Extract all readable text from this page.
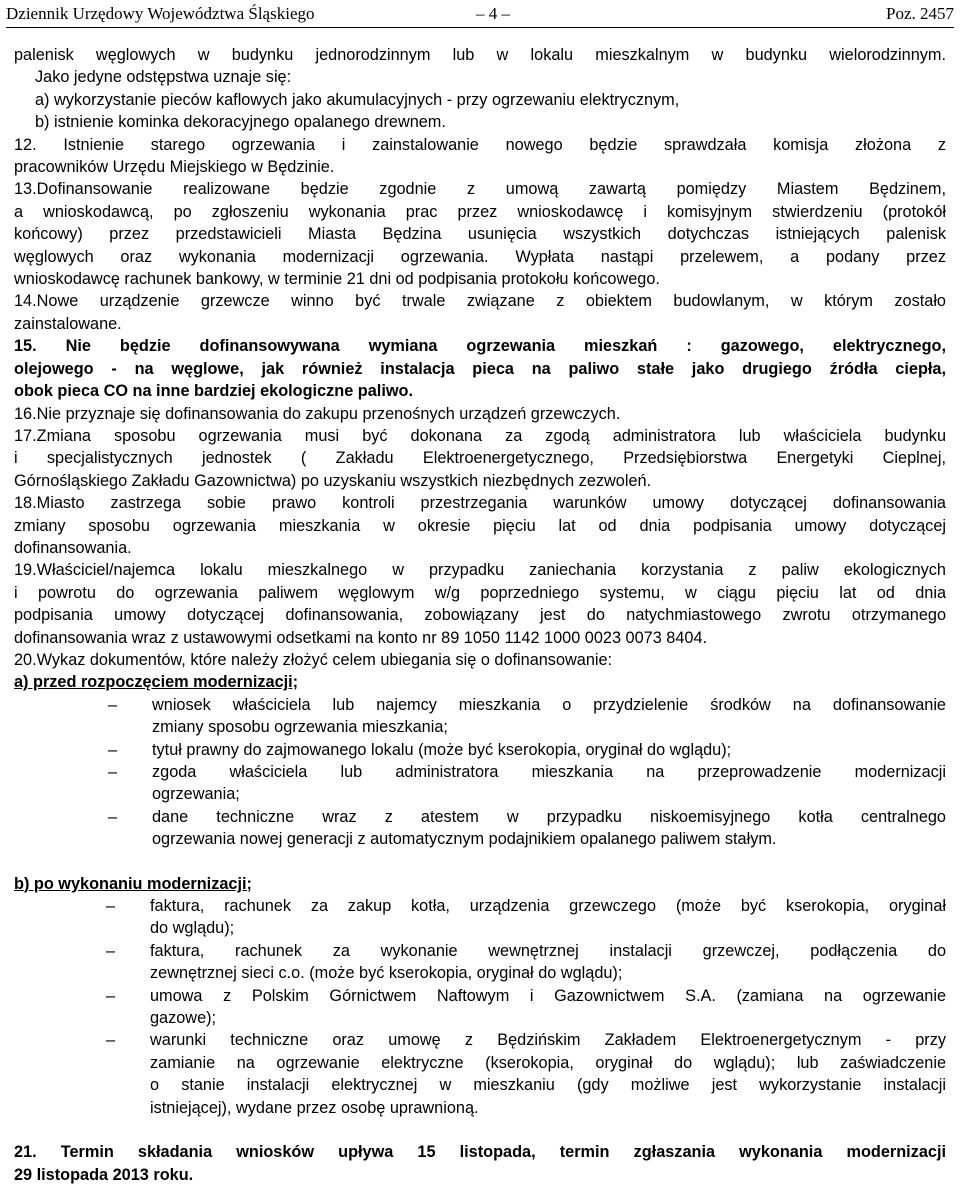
Dziennik Urzędowy Województwa Śląskiego	– 4 –	Poz. 2457

palenisk węglowych w budynku jednorodzinnym lub w lokalu mieszkalnym w budynku wielorodzinnym.

Jako jedyne odstępstwa uznaje się:

a) wykorzystanie pieców kaflowych jako akumulacyjnych - przy ogrzewaniu elektrycznym,

b) istnienie kominka dekoracyjnego opalanego drewnem.

12. Istnienie starego ogrzewania i zainstalowanie nowego będzie sprawdzała komisja złożona z

pracowników Urzędu Miejskiego w Będzinie.

13.Dofinansowanie realizowane będzie zgodnie z umową zawartą pomiędzy Miastem Będzinem,

a wnioskodawcą, po zgłoszeniu wykonania prac przez wnioskodawcę i komisyjnym stwierdzeniu (protokół

końcowy) przez przedstawicieli Miasta Będzina usunięcia wszystkich dotychczas istniejących palenisk

węglowych oraz wykonania modernizacji ogrzewania. Wypłata nastąpi przelewem, a podany przez

wnioskodawcę rachunek bankowy, w terminie 21 dni od podpisania protokołu końcowego.

14.Nowe urządzenie grzewcze winno być trwale związane z obiektem budowlanym, w którym zostało

zainstalowane.

15. Nie będzie dofinansowywana wymiana ogrzewania mieszkań : gazowego, elektrycznego,

olejowego - na węglowe, jak również instalacja pieca na paliwo stałe jako drugiego źródła ciepła,

obok pieca CO na inne bardziej ekologiczne paliwo.

16.Nie przyznaje się dofinansowania do zakupu przenośnych urządzeń grzewczych.

17.Zmiana sposobu ogrzewania musi być dokonana za zgodą administratora lub właściciela budynku

i specjalistycznych jednostek ( Zakładu Elektroenergetycznego, Przedsiębiorstwa Energetyki Cieplnej,

Górnośląskiego Zakładu Gazownictwa) po uzyskaniu wszystkich niezbędnych zezwoleń.

18.Miasto zastrzega sobie prawo kontroli przestrzegania warunków umowy dotyczącej dofinansowania

zmiany sposobu ogrzewania mieszkania w okresie pięciu lat od dnia podpisania umowy dotyczącej

dofinansowania.

19.Właściciel/najemca lokalu mieszkalnego w przypadku zaniechania korzystania z paliw ekologicznych

i powrotu do ogrzewania paliwem węglowym w/g poprzedniego systemu, w ciągu pięciu lat od dnia

podpisania umowy dotyczącej dofinansowania, zobowiązany jest do natychmiastowego zwrotu otrzymanego

dofinansowania wraz z ustawowymi odsetkami na konto nr 89 1050 1142 1000 0023 0073 8404.

20.Wykaz dokumentów, które należy złożyć celem ubiegania się o dofinansowanie:

a) przed rozpoczęciem modernizacji;

– wniosek właściciela lub najemcy mieszkania o przydzielenie środków na dofinansowanie

zmiany sposobu ogrzewania mieszkania;

– tytuł prawny do zajmowanego lokalu (może być kserokopia, oryginał do wglądu);

– zgoda właściciela lub administratora mieszkania na przeprowadzenie modernizacji

ogrzewania;

– dane techniczne wraz z atestem w przypadku niskoemisyjnego kotła centralnego

ogrzewania nowej generacji z automatycznym podajnikiem opalanego paliwem stałym.

b) po wykonaniu modernizacji;

– faktura, rachunek za zakup kotła, urządzenia grzewczego (może być kserokopia, oryginał

do wglądu);

– faktura, rachunek za wykonanie wewnętrznej instalacji grzewczej, podłączenia do

zewnętrznej sieci c.o. (może być kserokopia, oryginał do wglądu);

– umowa z Polskim Górnictwem Naftowym i Gazownictwem S.A. (zamiana na ogrzewanie

gazowe);

– warunki techniczne oraz umowę z Będzińskim Zakładem Elektroenergetycznym - przy

zamianie na ogrzewanie elektryczne (kserokopia, oryginał do wglądu); lub zaświadczenie

o stanie instalacji elektrycznej w mieszkaniu (gdy możliwe jest wykorzystanie instalacji

istniejącej), wydane przez osobę uprawnioną.

21. Termin składania wniosków upływa 15 listopada, termin zgłaszania wykonania modernizacji

29 listopada 2013 roku.
